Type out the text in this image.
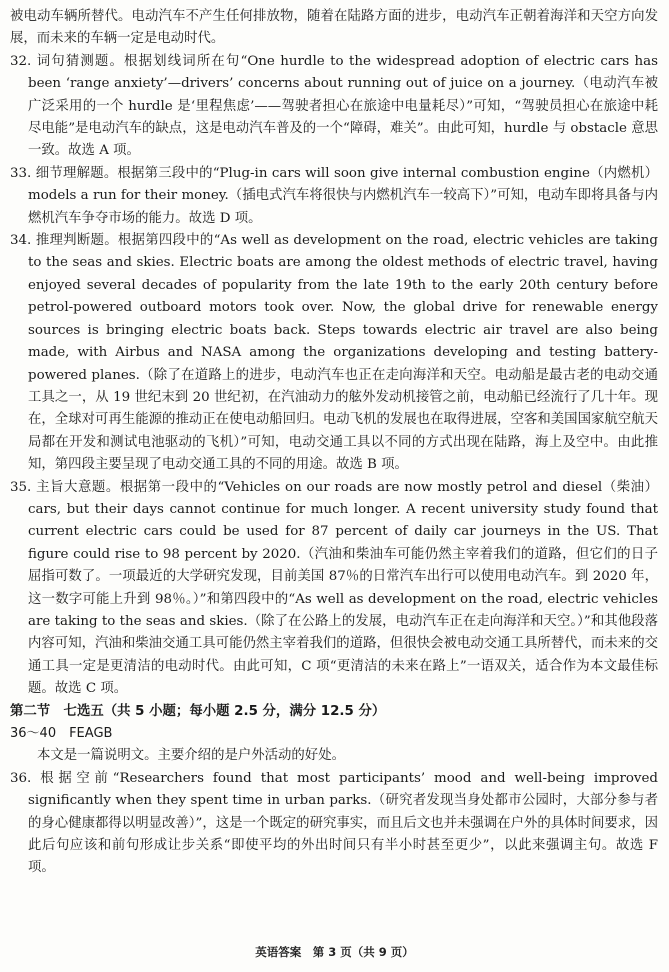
被电动车辆所替代。电动汽车不产生任何排放物，随着在陆路方面的进步，电动汽车正朝着海洋和天空方向发展，而未来的车辆一定是电动时代。

32. 词句猜测题。根据划线词所在句“One hurdle to the widespread adoption of electric cars has been ‘range anxiety’—drivers’ concerns about running out of juice on a journey.（电动汽车被广泛采用的一个 hurdle 是‘里程焦虑’——驾驶者担心在旅途中电量耗尽）”可知，“驾驶员担心在旅途中耗尽电能”是电动汽车的缺点，这是电动汽车普及的一个“障碍，难关”。由此可知，hurdle 与 obstacle 意思一致。故选 A 项。

33. 细节理解题。根据第三段中的“Plug-in cars will soon give internal combustion engine（内燃机）models a run for their money.（插电式汽车将很快与内燃机汽车一较高下）”可知，电动车即将具备与内燃机汽车争夺市场的能力。故选 D 项。

34. 推理判断题。根据第四段中的“As well as development on the road, electric vehicles are taking to the seas and skies. Electric boats are among the oldest methods of electric travel, having enjoyed several decades of popularity from the late 19th to the early 20th century before petrol-powered outboard motors took over. Now, the global drive for renewable energy sources is bringing electric boats back. Steps towards electric air travel are also being made, with Airbus and NASA among the organizations developing and testing battery-powered planes.（除了在道路上的进步，电动汽车也正在走向海洋和天空。电动船是最古老的电动交通工具之一，从 19 世纪末到 20 世纪初，在汽油动力的舷外发动机接管之前，电动船已经流行了几十年。现在，全球对可再生能源的推动正在使电动船回归。电动飞机的发展也在取得进展，空客和美国国家航空航天局都在开发和测试电池驱动的飞机）”可知，电动交通工具以不同的方式出现在陆路，海上及空中。由此推知，第四段主要呈现了电动交通工具的不同的用途。故选 B 项。

35. 主旨大意题。根据第一段中的“Vehicles on our roads are now mostly petrol and diesel（柴油）cars, but their days cannot continue for much longer. A recent university study found that current electric cars could be used for 87 percent of daily car journeys in the US. That figure could rise to 98 percent by 2020.（汽油和柴油车可能仍然主宰着我们的道路，但它们的日子屈指可数了。一项最近的大学研究发现，目前美国 87％的日常汽车出行可以使用电动汽车。到 2020 年，这一数字可能上升到 98％。）”和第四段中的“As well as development on the road, electric vehicles are taking to the seas and skies.（除了在公路上的发展，电动汽车正在走向海洋和天空。）”和其他段落内容可知，汽油和柴油交通工具可能仍然主宰着我们的道路，但很快会被电动交通工具所替代，而未来的交通工具一定是更清洁的电动时代。由此可知，C 项“更清洁的未来在路上”一语双关，适合作为本文最佳标题。故选 C 项。

第二节　七选五（共 5 小题；每小题 2.5 分，满分 12.5 分）

36～40　FEAGB

本文是一篇说明文。主要介绍的是户外活动的好处。

36. 根据空前“Researchers found that most participants’ mood and well-being improved significantly when they spent time in urban parks.（研究者发现当身处都市公园时，大部分参与者的身心健康都得以明显改善）”，这是一个既定的研究事实，而且后文也并未强调在户外的具体时间要求，因此后句应该和前句形成让步关系“即使平均的外出时间只有半小时甚至更少”，以此来强调主句。故选 F 项。

英语答案　第 3 页（共 9 页）
